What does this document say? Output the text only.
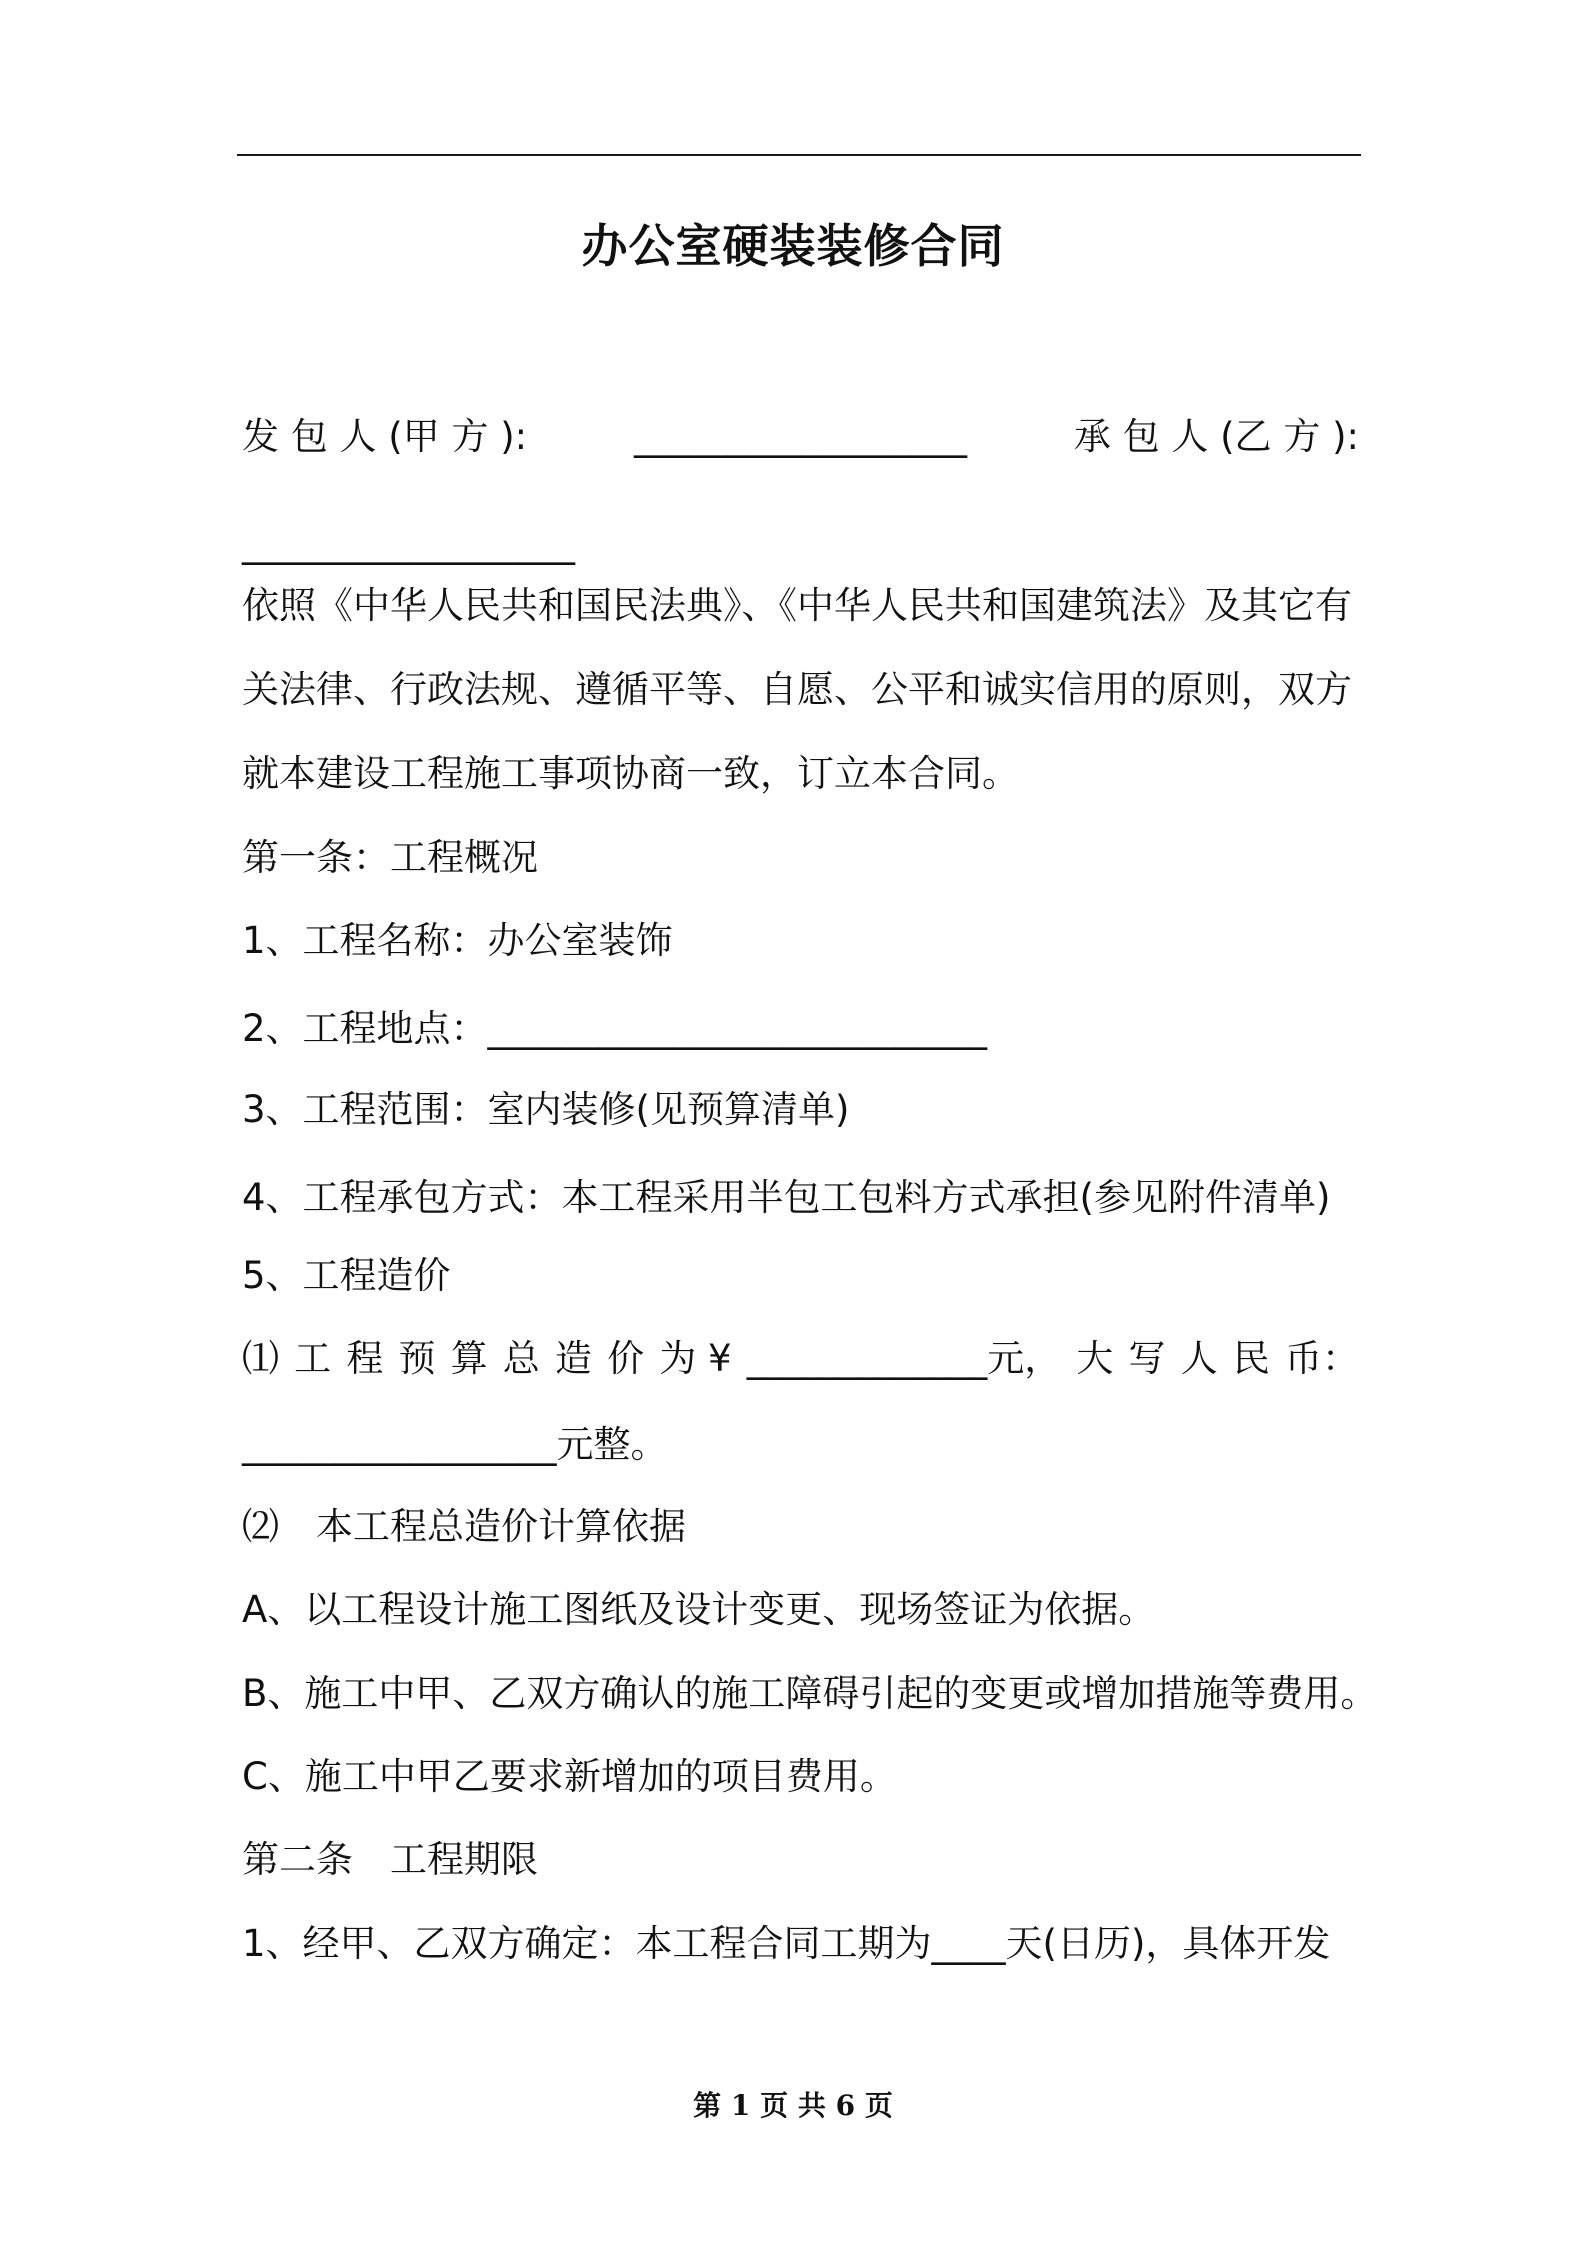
办公室硬装装修合同
发 包 人 (甲 方 ):	__________________	承 包 人 (乙 方 ):
__________________
依照《中华人民共和国民法典》、《中华人民共和国建筑法》及其它有
关法律、行政法规、遵循平等、自愿、公平和诚实信用的原则，双方
就本建设工程施工事项协商一致，订立本合同。
第一条：工程概况
1、工程名称：办公室装饰
2、工程地点：___________________________
3、工程范围：室内装修(见预算清单)
4、工程承包方式：本工程采用半包工包料方式承担(参见附件清单)
5、工程造价
⑴ 工 程 预 算 总 造 价 为 ¥ _____________元， 大 写 人 民 币：
_________________元整。
⑵　本工程总造价计算依据
A、以工程设计施工图纸及设计变更、现场签证为依据。
B、施工中甲、乙双方确认的施工障碍引起的变更或增加措施等费用。
C、施工中甲乙要求新增加的项目费用。
第二条　工程期限
1、经甲、乙双方确定：本工程合同工期为____天(日历)，具体开发
第 1 页 共 6 页
